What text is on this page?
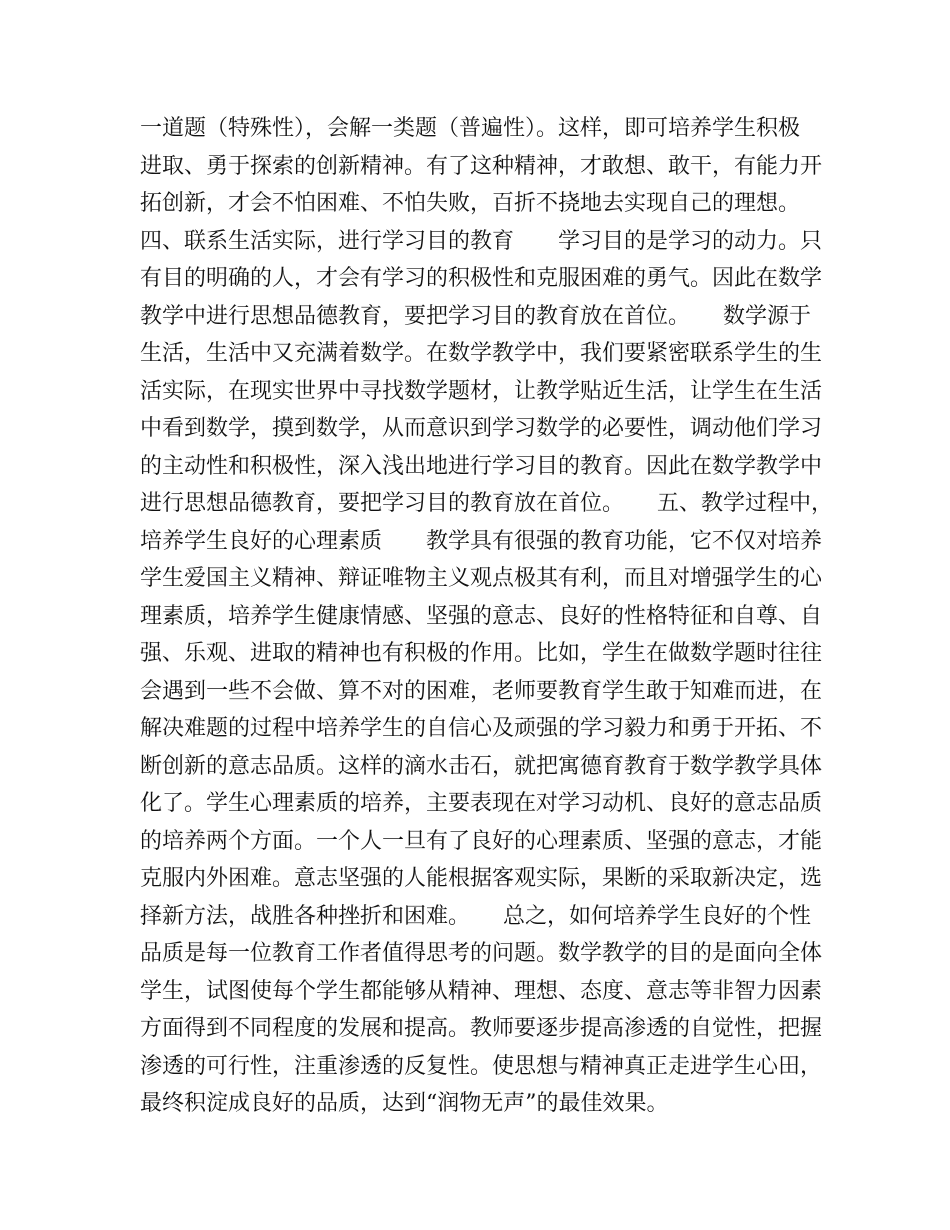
一道题（特殊性），会解一类题（普遍性）。这样，即可培养学生积极
进取、勇于探索的创新精神。有了这种精神，才敢想、敢干，有能力开
拓创新，才会不怕困难、不怕失败，百折不挠地去实现自己的理想。
四、联系生活实际，进行学习目的教育　　学习目的是学习的动力。只
有目的明确的人，才会有学习的积极性和克服困难的勇气。因此在数学
教学中进行思想品德教育，要把学习目的教育放在首位。　　数学源于
生活，生活中又充满着数学。在数学教学中，我们要紧密联系学生的生
活实际，在现实世界中寻找数学题材，让教学贴近生活，让学生在生活
中看到数学，摸到数学，从而意识到学习数学的必要性，调动他们学习
的主动性和积极性，深入浅出地进行学习目的教育。因此在数学教学中
进行思想品德教育，要把学习目的教育放在首位。　　五、教学过程中，
培养学生良好的心理素质　　教学具有很强的教育功能，它不仅对培养
学生爱国主义精神、辩证唯物主义观点极其有利，而且对增强学生的心
理素质，培养学生健康情感、坚强的意志、良好的性格特征和自尊、自
强、乐观、进取的精神也有积极的作用。比如，学生在做数学题时往往
会遇到一些不会做、算不对的困难，老师要教育学生敢于知难而进，在
解决难题的过程中培养学生的自信心及顽强的学习毅力和勇于开拓、不
断创新的意志品质。这样的滴水击石，就把寓德育教育于数学教学具体
化了。学生心理素质的培养，主要表现在对学习动机、良好的意志品质
的培养两个方面。一个人一旦有了良好的心理素质、坚强的意志，才能
克服内外困难。意志坚强的人能根据客观实际，果断的采取新决定，选
择新方法，战胜各种挫折和困难。　　总之，如何培养学生良好的个性
品质是每一位教育工作者值得思考的问题。数学教学的目的是面向全体
学生，试图使每个学生都能够从精神、理想、态度、意志等非智力因素
方面得到不同程度的发展和提高。教师要逐步提高渗透的自觉性，把握
渗透的可行性，注重渗透的反复性。使思想与精神真正走进学生心田，
最终积淀成良好的品质，达到“润物无声”的最佳效果。
